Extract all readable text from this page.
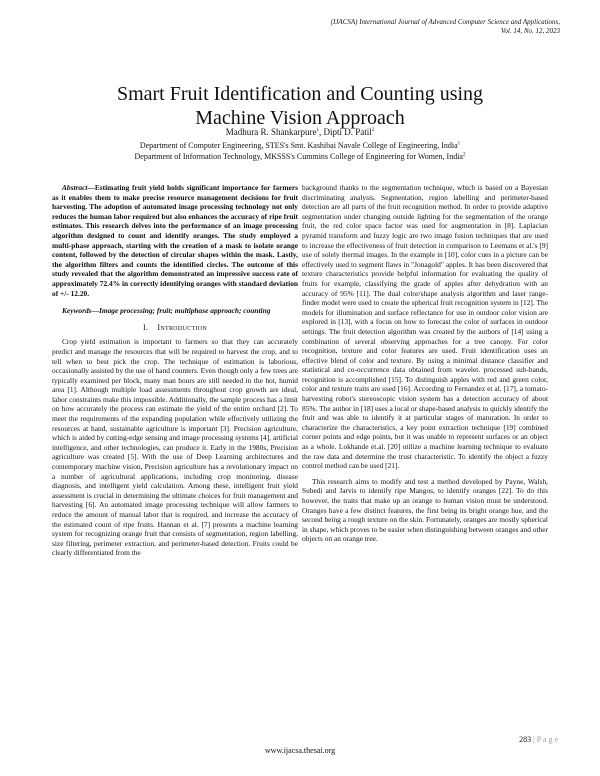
(IJACSA) International Journal of Advanced Computer Science and Applications,
Vol. 14, No. 12, 2023
Smart Fruit Identification and Counting using
Machine Vision Approach
Madhura R. Shankarpure$^1$, Dipti D. Patil$^2$
Department of Computer Engineering, STES's Smt. Kashibai Navale College of Engineering, India$^1$
Department of Information Technology, MKSSS's Cummins College of Engineering for Women, India$^2$

Abstract—Estimating fruit yield holds significant importance for farmers as it enables them to make precise resource management decisions for fruit harvesting. The adoption of automated image processing technology not only reduces the human labor required but also enhances the accuracy of ripe fruit estimates. This research delves into the performance of an image processing algorithm designed to count and identify oranges. The study employed a multi-phase approach, starting with the creation of a mask to isolate orange content, followed by the detection of circular shapes within the mask. Lastly, the algorithm filters and counts the identified circles. The outcome of this study revealed that the algorithm demonstrated an impressive success rate of approximately 72.4% in correctly identifying oranges with standard deviation of +/- 12.20.

Keywords—Image processing; fruit; multiphase approach; counting

I. Introduction

Crop yield estimation is important to farmers so that they can accurately predict and manage the resources that will be required to harvest the crop, and to tell when to best pick the crop. The technique of estimation is laborious, occasionally assisted by the use of hand counters. Even though only a few trees are typically examined per block, many man hours are still needed in the hot, humid area [1]. Although multiple load assessments throughout crop growth are ideal, labor constraints make this impossible. Additionally, the sample process has a limit on how accurately the process can estimate the yield of the entire orchard [2]. To meet the requirements of the expanding population while effectively utilizing the resources at hand, sustainable agriculture is important [3]. Precision agriculture, which is aided by cutting-edge sensing and image processing systems [4], artificial intelligence, and other technologies, can produce it. Early in the 1980s, Precision agriculture was created [5]. With the use of Deep Learning architectures and contemporary machine vision, Precision agriculture has a revolutionary impact on a number of agricultural applications, including crop monitoring, disease diagnosis, and intelligent yield calculation. Among these, intelligent fruit yield assessment is crucial in determining the ultimate choices for fruit management and harvesting [6]. An automated image processing technique will allow farmers to reduce the amount of manual labor that is required, and increase the accuracy of the estimated count of ripe fruits. Hannan et al. [7] presents a machine learning system for recognizing orange fruit that consists of segmentation, region labelling, size filtering, perimeter extraction, and perimeter-based detection. Fruits could be clearly differentiated from the

background thanks to the segmentation technique, which is based on a Bayesian discriminating analysis. Segmentation, region labelling and perimeter-based detection are all parts of the fruit recognition method. In order to provide adaptive segmentation under changing outside lighting for the segmentation of the orange fruit, the red color space factor was used for augmentation in [8]. Laplacian pyramid transform and fuzzy logic are two image fusion techniques that are used to increase the effectiveness of fruit detection in comparison to Leemans et al.'s [9] use of solely thermal images. In the example in [10], color cues in a picture can be effectively used to segment flaws in "Jonagold" apples. It has been discovered that texture characteristics provide helpful information for evaluating the quality of fruits for example, classifying the grade of apples after dehydration with an accuracy of 95% [11]. The dual color/shape analysis algorithm and laser range-finder model were used to create the spherical fruit recognition system in [12]. The models for illumination and surface reflectance for use in outdoor color vision are explored in [13], with a focus on how to forecast the color of surfaces in outdoor settings. The fruit detection algorithm was created by the authors of [14] using a combination of several observing approaches for a tree canopy. For color recognition, texture and color features are used. Fruit identification uses an effective blend of color and texture. By using a minimal distance classifier and statistical and co-occurrence data obtained from wavelet. processed sub-bands, recognition is accomplished [15]. To distinguish apples with red and green color, color and texture traits are used [16]. According to Fernandez et al. [17], a tomato-harvesting robot's stereoscopic vision system has a detection accuracy of about 85%. The author in [18] uses a local or shape-based analysis to quickly identify the fruit and was able to identify it at particular stages of maturation. In order to characterize the characteristics, a key point extraction technique [19] combined corner points and edge points, but it was unable to represent surfaces or an object as a whole. Lokhande et.al. [20] utilize a machine learning technique to evaluate the raw data and determine the trust characteristic. To identify the object a fuzzy control method can be used [21].

This research aims to modify and test a method developed by Payne, Walsh, Subedi and Jarvis to identify ripe Mangos, to identify oranges [22]. To do this however, the traits that make up an orange to human vision must be understood. Oranges have a few distinct features, the first being its bright orange hue, and the second being a rough texture on the skin. Fortunately, oranges are mostly spherical in shape, which proves to be easier when distinguishing between oranges and other objects on an orange tree.

283 | P a g e
www.ijacsa.thesai.org
